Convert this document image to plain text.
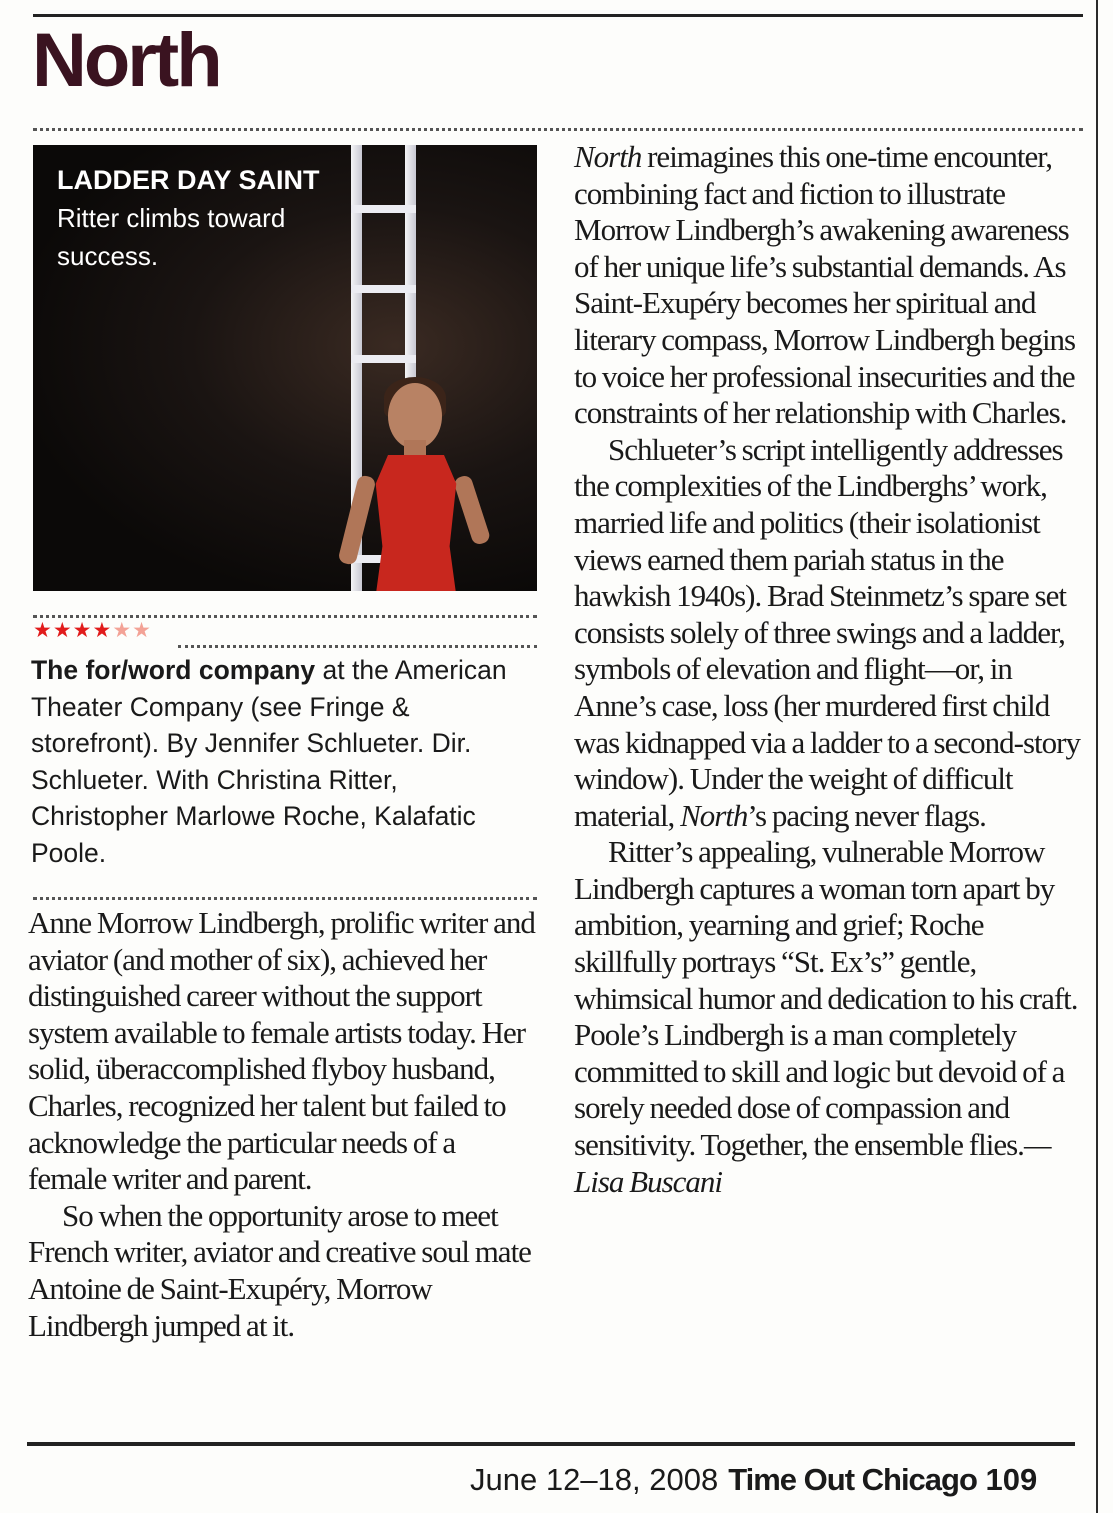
North
LADDER DAY SAINT
Ritter climbs toward success.
★★★★★★
The for/word company at the American Theater Company (see Fringe & storefront). By Jennifer Schlueter. Dir. Schlueter. With Christina Ritter, Christopher Marlowe Roche, Kalafatic Poole.

Anne Morrow Lindbergh, prolific writer and aviator (and mother of six), achieved her distinguished career without the support system available to female artists today. Her solid, überaccomplished flyboy husband, Charles, recognized her talent but failed to acknowledge the particular needs of a female writer and parent.

So when the opportunity arose to meet French writer, aviator and creative soul mate Antoine de Saint-Exupéry, Morrow Lindbergh jumped at it.

North reimagines this one-time encounter, combining fact and fiction to illustrate Morrow Lindbergh’s awakening awareness of her unique life’s substantial demands. As Saint-Exupéry becomes her spiritual and literary compass, Morrow Lindbergh begins to voice her professional insecurities and the constraints of her relationship with Charles.

Schlueter’s script intelligently addresses the complexities of the Lindberghs’ work, married life and politics (their isolationist views earned them pariah status in the hawkish 1940s). Brad Steinmetz’s spare set consists solely of three swings and a ladder, symbols of elevation and flight—or, in Anne’s case, loss (her murdered first child was kidnapped via a ladder to a second-story window). Under the weight of difficult material, North’s pacing never flags.

Ritter’s appealing, vulnerable Morrow Lindbergh captures a woman torn apart by ambition, yearning and grief; Roche skillfully portrays “St. Ex’s” gentle, whimsical humor and dedication to his craft. Poole’s Lindbergh is a man completely committed to skill and logic but devoid of a sorely needed dose of compassion and sensitivity. Together, the ensemble flies.—Lisa Buscani

June 12–18, 2008 Time Out Chicago 109
